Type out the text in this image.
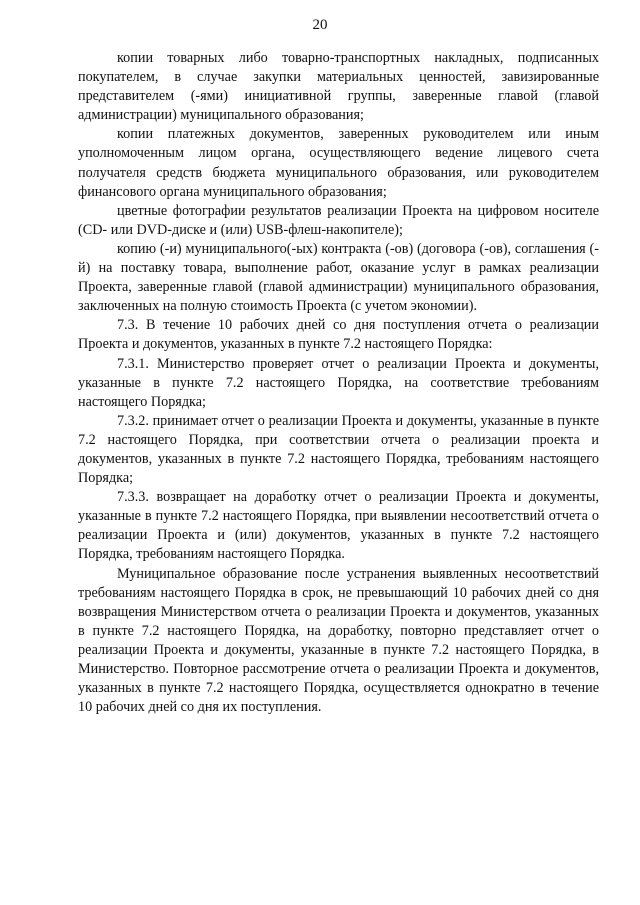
20

копии товарных либо товарно-транспортных накладных, подписанных покупателем, в случае закупки материальных ценностей, завизированные представителем (-ями) инициативной группы, заверенные главой (главой администрации) муниципального образования;

копии платежных документов, заверенных руководителем или иным уполномоченным лицом органа, осуществляющего ведение лицевого счета получателя средств бюджета муниципального образования, или руководителем финансового органа муниципального образования;

цветные фотографии результатов реализации Проекта на цифровом носителе (CD- или DVD-диске и (или) USB-флеш-накопителе);

копию (-и) муниципального(-ых) контракта (-ов) (договора (-ов), соглашения (-й) на поставку товара, выполнение работ, оказание услуг в рамках реализации Проекта, заверенные главой (главой администрации) муниципального образования, заключенных на полную стоимость Проекта (с учетом экономии).

7.3. В течение 10 рабочих дней со дня поступления отчета о реализации Проекта и документов, указанных в пункте 7.2 настоящего Порядка:

7.3.1. Министерство проверяет отчет о реализации Проекта и документы, указанные в пункте 7.2 настоящего Порядка, на соответствие требованиям настоящего Порядка;

7.3.2. принимает отчет о реализации Проекта и документы, указанные в пункте 7.2 настоящего Порядка, при соответствии отчета о реализации проекта и документов, указанных в пункте 7.2 настоящего Порядка, требованиям настоящего Порядка;

7.3.3. возвращает на доработку отчет о реализации Проекта и документы, указанные в пункте 7.2 настоящего Порядка, при выявлении несоответствий отчета о реализации Проекта и (или) документов, указанных в пункте 7.2 настоящего Порядка, требованиям настоящего Порядка.

Муниципальное образование после устранения выявленных несоответствий требованиям настоящего Порядка в срок, не превышающий 10 рабочих дней со дня возвращения Министерством отчета о реализации Проекта и документов, указанных в пункте 7.2 настоящего Порядка, на доработку, повторно представляет отчет о реализации Проекта и документы, указанные в пункте 7.2 настоящего Порядка, в Министерство. Повторное рассмотрение отчета о реализации Проекта и документов, указанных в пункте 7.2 настоящего Порядка, осуществляется однократно в течение 10 рабочих дней со дня их поступления.
